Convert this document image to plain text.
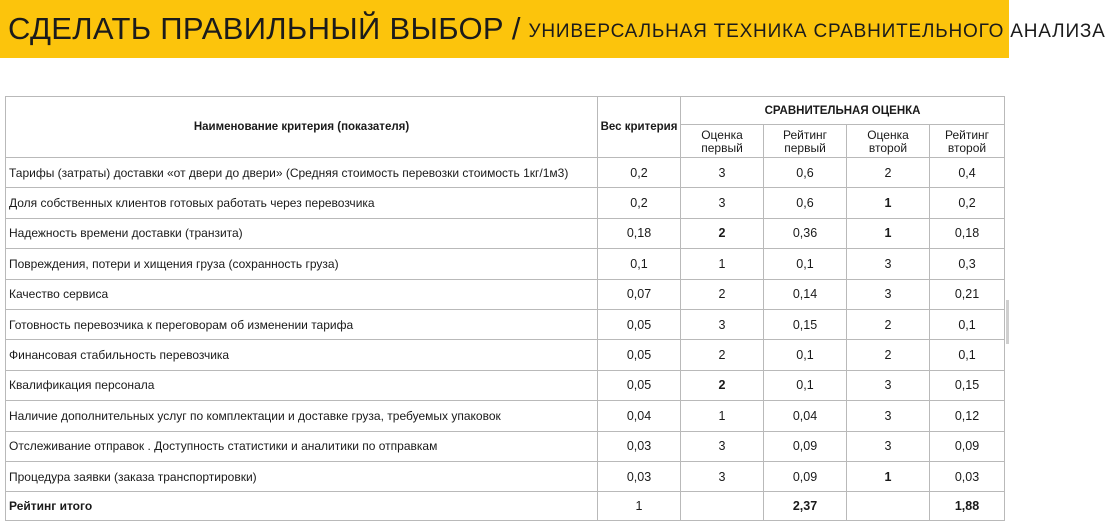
СДЕЛАТЬ ПРАВИЛЬНЫЙ ВЫБОР / УНИВЕРСАЛЬНАЯ ТЕХНИКА СРАВНИТЕЛЬНОГО АНАЛИЗА
Наименование критерия (показателя)	Вес критерия	СРАВНИТЕЛЬНАЯ ОЦЕНКА			
		Оценка первый	Рейтинг первый	Оценка второй	Рейтинг второй
Тарифы (затраты) доставки «от двери до двери» (Средняя стоимость перевозки стоимость 1кг/1м3)	0,2	3	0,6	2	0,4
Доля собственных клиентов готовых работать через перевозчика	0,2	3	0,6	1	0,2
Надежность времени доставки (транзита)	0,18	2	0,36	1	0,18
Повреждения, потери и хищения груза (сохранность груза)	0,1	1	0,1	3	0,3
Качество сервиса	0,07	2	0,14	3	0,21
Готовность перевозчика к переговорам об изменении тарифа	0,05	3	0,15	2	0,1
Финансовая стабильность перевозчика	0,05	2	0,1	2	0,1
Квалификация персонала	0,05	2	0,1	3	0,15
Наличие дополнительных услуг по комплектации и доставке груза, требуемых упаковок	0,04	1	0,04	3	0,12
Отслеживание отправок . Доступность статистики и аналитики по отправкам	0,03	3	0,09	3	0,09
Процедура заявки (заказа транспортировки)	0,03	3	0,09	1	0,03
Рейтинг итого	1		2,37		1,88
